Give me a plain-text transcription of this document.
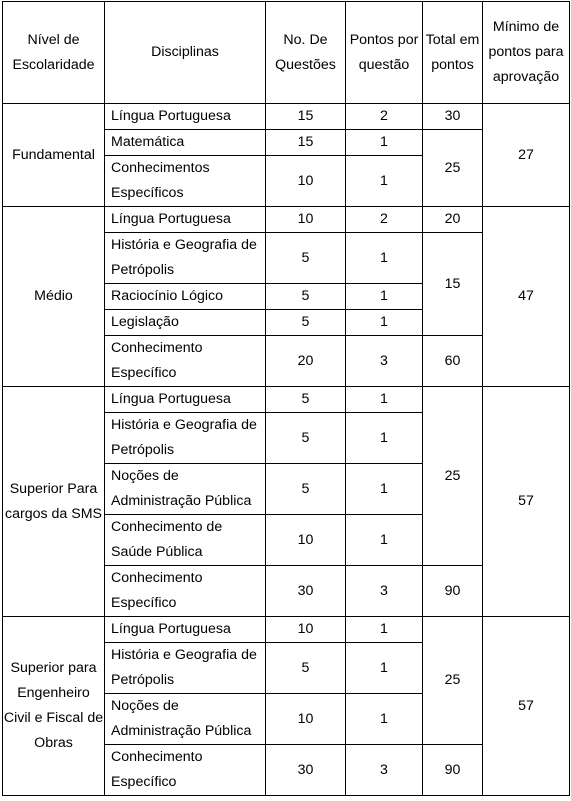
Nível de Escolaridade	Disciplinas	No. De Questões	Pontos por questão	Total em pontos	Mínimo de pontos para aprovação
Fundamental	Língua Portuguesa	15	2	30	27
	Matemática	15	1	25	
	Conhecimentos Específicos	10	1		
Médio	Língua Portuguesa	10	2	20	47
	História e Geografia de Petrópolis	5	1	15	
	Raciocínio Lógico	5	1		
	Legislação	5	1		
	Conhecimento Específico	20	3	60	
Superior Para cargos da SMS	Língua Portuguesa	5	1	25	57
	História e Geografia de Petrópolis	5	1		
	Noções de Administração Pública	5	1		
	Conhecimento de Saúde Pública	10	1		
	Conhecimento Específico	30	3	90	
Superior para Engenheiro Civil e Fiscal de Obras	Língua Portuguesa	10	1	25	57
	História e Geografia de Petrópolis	5	1		
	Noções de Administração Pública	10	1		
	Conhecimento Específico	30	3	90	
